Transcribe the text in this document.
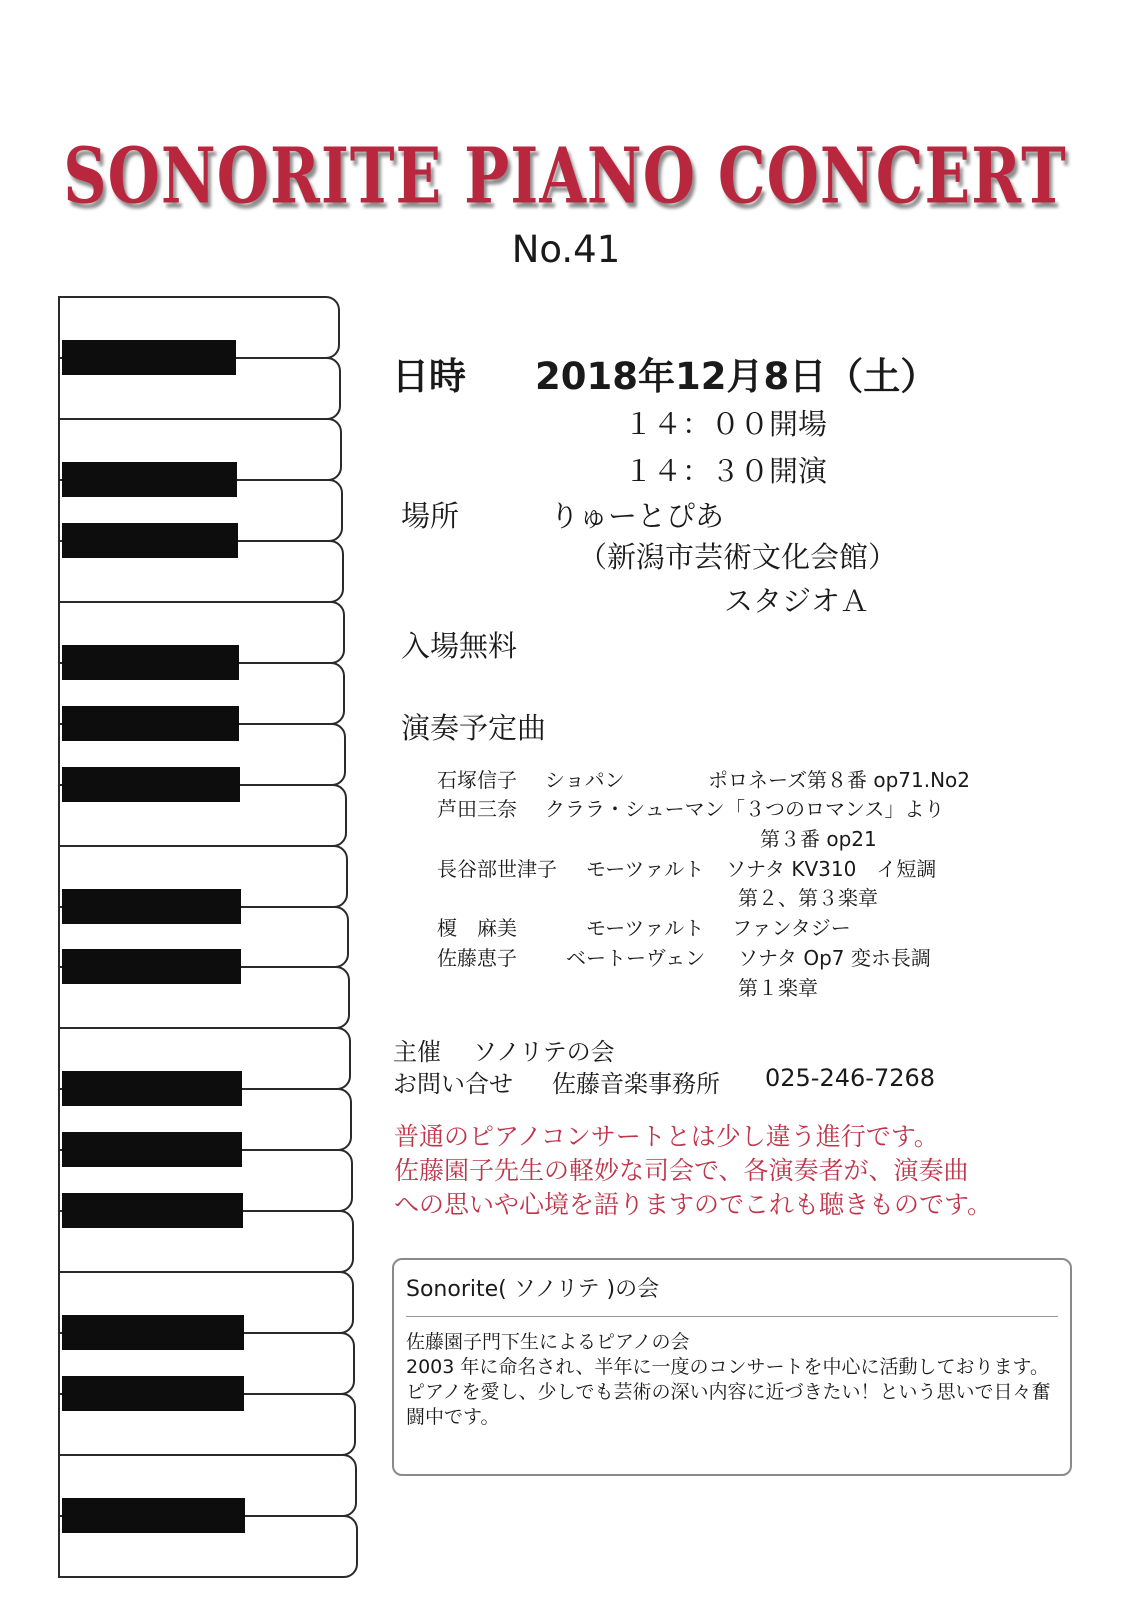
SONORITE PIANO CONCERT
No.41
日時 2018年12月8日（土）
１４：００開場
１４：３０開演
場所	りゅーとぴあ
（新潟市芸術文化会館）
スタジオＡ
入場無料
演奏予定曲
石塚信子 ショパン	ポロネーズ第８番 op71.No2
芦田三奈 クララ・シューマン 「３つのロマンス」より
第３番 op21
長谷部世津子 モーツァルト ソナタ KV310　イ短調
第２、第３楽章
榎　麻美	モーツァルト ファンタジー
佐藤恵子 ベートーヴェン ソナタ Op7 変ホ長調
第１楽章
主催 ソノリテの会
お問い合せ 佐藤音楽事務所 025-246-7268
普通のピアノコンサートとは少し違う進行です。
佐藤園子先生の軽妙な司会で、各演奏者が、演奏曲
への思いや心境を語りますのでこれも聴きものです。
Sonorite( ソノリテ )の会
佐藤園子門下生によるピアノの会
2003 年に命名され、半年に一度のコンサートを中心に活動しております。ピアノを愛し、少しでも芸術の深い内容に近づきたい！という思いで日々奮闘中です。
